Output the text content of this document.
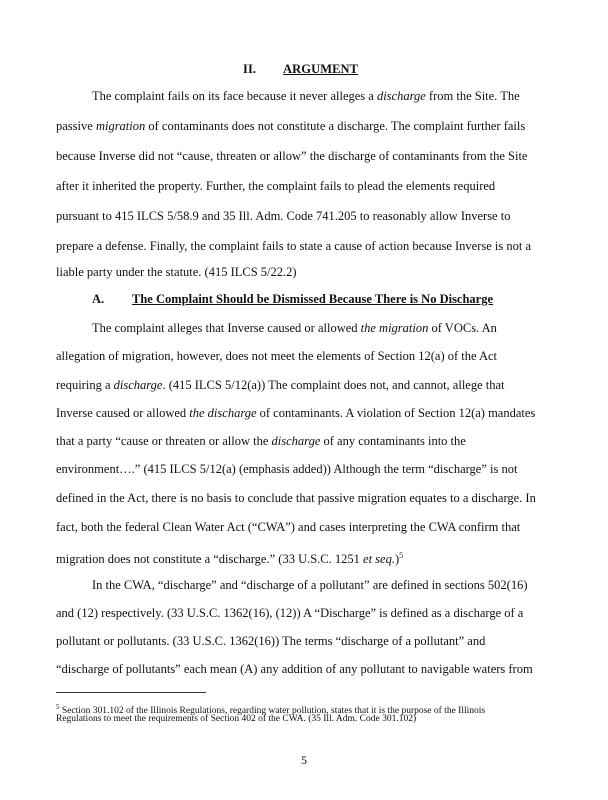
II. ARGUMENT
The complaint fails on its face because it never alleges a discharge from the Site. The
passive migration of contaminants does not constitute a discharge. The complaint further fails
because Inverse did not “cause, threaten or allow” the discharge of contaminants from the Site
after it inherited the property. Further, the complaint fails to plead the elements required
pursuant to 415 ILCS 5/58.9 and 35 Ill. Adm. Code 741.205 to reasonably allow Inverse to
prepare a defense. Finally, the complaint fails to state a cause of action because Inverse is not a
liable party under the statute. (415 ILCS 5/22.2)
A. The Complaint Should be Dismissed Because There is No Discharge
The complaint alleges that Inverse caused or allowed the migration of VOCs. An
allegation of migration, however, does not meet the elements of Section 12(a) of the Act
requiring a discharge. (415 ILCS 5/12(a)) The complaint does not, and cannot, allege that
Inverse caused or allowed the discharge of contaminants. A violation of Section 12(a) mandates
that a party “cause or threaten or allow the discharge of any contaminants into the
environment….” (415 ILCS 5/12(a) (emphasis added)) Although the term “discharge” is not
defined in the Act, there is no basis to conclude that passive migration equates to a discharge. In
fact, both the federal Clean Water Act (“CWA”) and cases interpreting the CWA confirm that
migration does not constitute a “discharge.” (33 U.S.C. 1251 et seq.)$^5$
In the CWA, “discharge” and “discharge of a pollutant” are defined in sections 502(16)
and (12) respectively. (33 U.S.C. 1362(16), (12)) A “Discharge” is defined as a discharge of a
pollutant or pollutants. (33 U.S.C. 1362(16)) The terms “discharge of a pollutant” and
“discharge of pollutants” each mean (A) any addition of any pollutant to navigable waters from
$^5$ Section 301.102 of the Illinois Regulations, regarding water pollution, states that it is the purpose of the Illinois
Regulations to meet the requirements of Section 402 of the CWA. (35 Ill. Adm. Code 301.102)
5
